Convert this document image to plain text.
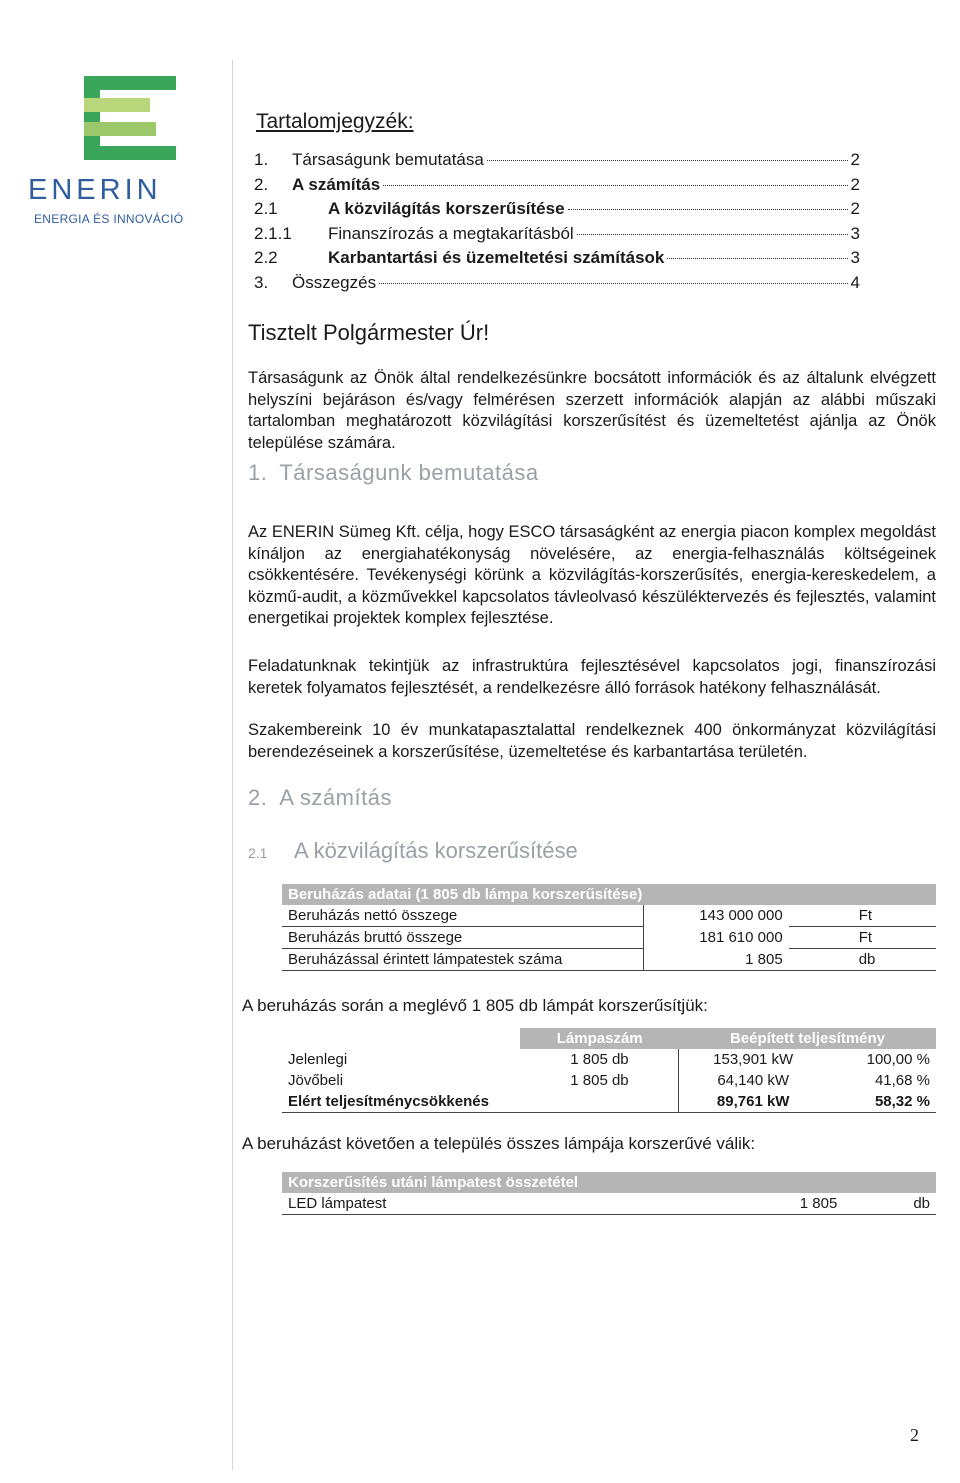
ENERIN
ENERGIA ÉS INNOVÁCIÓ
Tartalomjegyzék:
1.	Társaságunk bemutatása	2
2.	A számítás	2
2.1	A közvilágítás korszerűsítése	2
2.1.1	Finanszírozás a megtakarításból	3
2.2	Karbantartási és üzemeltetési számítások	3
3.	Összegzés	4
Tisztelt Polgármester Úr!

Társaságunk az Önök által rendelkezésünkre bocsátott információk és az általunk elvégzett helyszíni bejáráson és/vagy felmérésen szerzett információk alapján az alábbi műszaki tartalomban meghatározott közvilágítási korszerűsítést és üzemeltetést ajánlja az Önök települése számára.

1. Társaságunk bemutatása

Az ENERIN Sümeg Kft. célja, hogy ESCO társaságként az energia piacon komplex megoldást kínáljon az energiahatékonyság növelésére, az energia-felhasználás költségeinek csökkentésére. Tevékenységi körünk a közvilágítás-korszerűsítés, energia-kereskedelem, a közmű-audit, a közművekkel kapcsolatos távleolvasó készüléktervezés és fejlesztés, valamint energetikai projektek komplex fejlesztése.

Feladatunknak tekintjük az infrastruktúra fejlesztésével kapcsolatos jogi, finanszírozási keretek folyamatos fejlesztését, a rendelkezésre álló források hatékony felhasználását.

Szakembereink 10 év munkatapasztalattal rendelkeznek 400 önkormányzat közvilágítási berendezéseinek a korszerűsítése, üzemeltetése és karbantartása területén.

2. A számítás
2.1 A közvilágítás korszerűsítése
Beruházás adatai (1 805 db lámpa korszerűsítése)		
Beruházás nettó összege	143 000 000	Ft
Beruházás bruttó összege	181 610 000	Ft
Beruházással érintett lámpatestek száma	1 805	db
A beruházás során a meglévő 1 805 db lámpát korszerűsítjük:
	Lámpaszám	Beépített teljesítmény	
Jelenlegi	1 805 db	153,901 kW	100,00 %
Jövőbeli	1 805 db	64,140 kW	41,68 %
Elért teljesítménycsökkenés		89,761 kW	58,32 %
A beruházást követően a település összes lámpája korszerűvé válik:
Korszerűsítés utáni lámpatest összetétel
LED lámpatest	1 805	db
2
